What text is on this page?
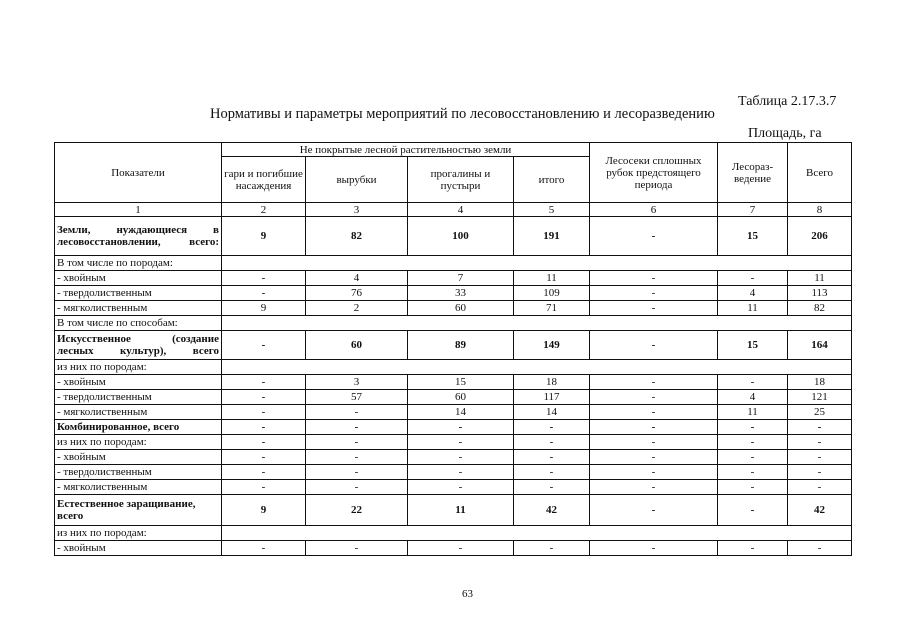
Таблица 2.17.3.7
Нормативы и параметры мероприятий по лесовосстановлению и лесоразведению
Площадь, га
Показатели	Не покрытые лесной растительностью земли				Лесосеки сплошных рубок предстоящего периода	Лесораз-ведение	Всего
	гари и погибшие насаждения	вырубки	прогалины и пустыри	итого			
1	2	3	4	5	6	7	8
Земли, нуждающиеся в лесовосстановлении, всего:	9	82	100	191	-	15	206
В том числе по породам:							
- хвойным	-	4	7	11	-	-	11
- твердолиственным	-	76	33	109	-	4	113
- мягколиственным	9	2	60	71	-	11	82
В том числе по способам:							
Искусственное (создание лесных культур), всего	-	60	89	149	-	15	164
из них по породам:							
- хвойным	-	3	15	18	-	-	18
- твердолиственным	-	57	60	117	-	4	121
- мягколиственным	-	-	14	14	-	11	25
Комбинированное, всего	-	-	-	-	-	-	-
из них по породам:	-	-	-	-	-	-	-
- хвойным	-	-	-	-	-	-	-
- твердолиственным	-	-	-	-	-	-	-
- мягколиственным	-	-	-	-	-	-	-
Естественное заращивание, всего	9	22	11	42	-	-	42
из них по породам:							
- хвойным	-	-	-	-	-	-	-
63
